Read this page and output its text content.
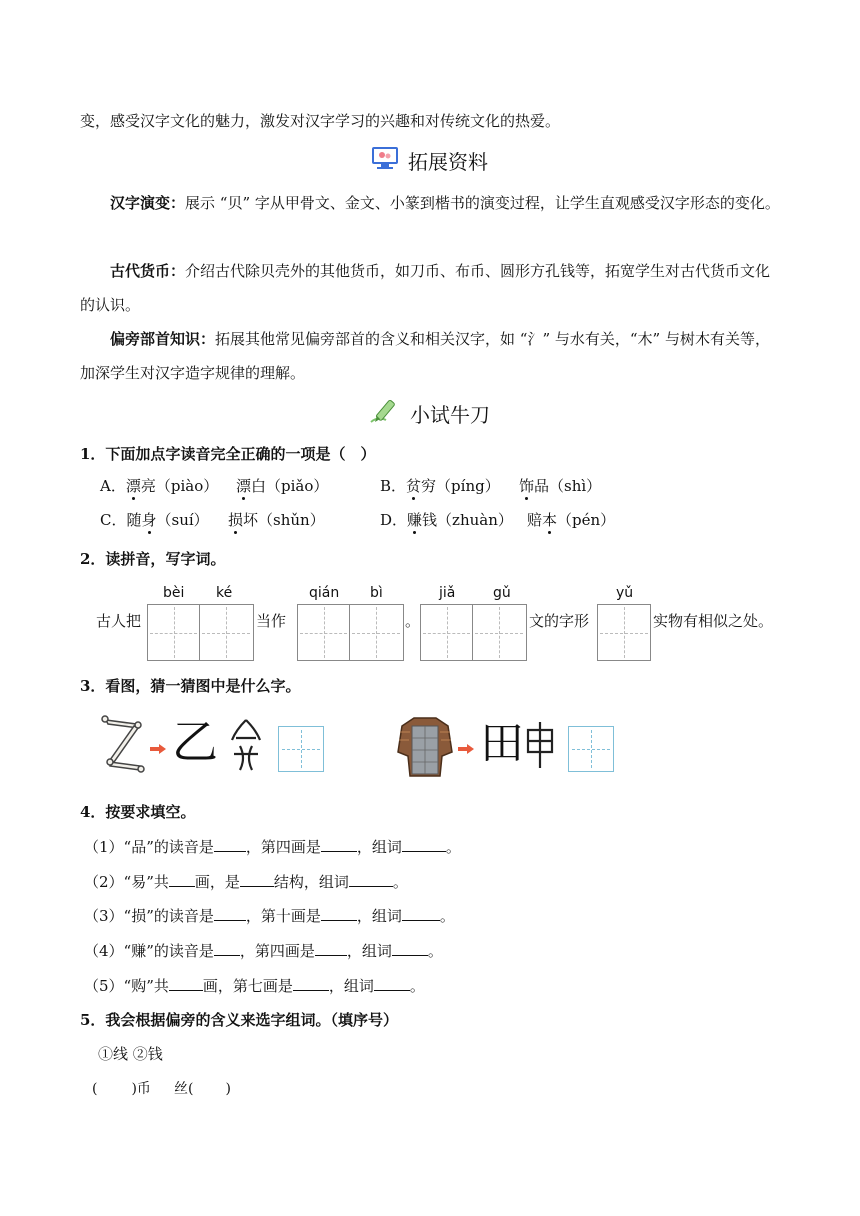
变，感受汉字文化的魅力，激发对汉字学习的兴趣和对传统文化的热爱。
拓展资料
汉字演变：展示 “贝” 字从甲骨文、金文、小篆到楷书的演变过程，让学生直观感受汉字形态的变化。
古代货币：介绍古代除贝壳外的其他货币，如刀币、布币、圆形方孔钱等，拓宽学生对古代货币文化的认识。
偏旁部首知识：拓展其他常见偏旁部首的含义和相关汉字，如 “氵” 与水有关，“木” 与树木有关等，加深学生对汉字造字规律的理解。
小试牛刀
1．下面加点字读音完全正确的一项是（　）
A．漂亮（piào） 漂白（piǎo）	B．贫穷（píng） 饰品（shì）
C．随身（suí） 损坏（shǔn）	D．赚钱（zhuàn） 赔本（pén）
2．读拼音，写字词。
bèi ké	qián bì	jiǎ	gǔ	yǔ
古人把	当作	。	文的字形	实物有相似之处。
3．看图，猜一猜图中是什么字。
乙	田
4．按要求填空。
（1）“品”的读音是 ，第四画是 ，组词	。
（2）“易”共 画，是 结构，组词	。
（3）“损”的读音是 ，第十画是 ，组词	。
（4）“赚”的读音是 ，第四画是 ，组词 。
（5）“购”共 画，第七画是 ，组词 。
5．我会根据偏旁的含义来选字组词。（填序号）
①线 ②钱
( )币 丝( )
